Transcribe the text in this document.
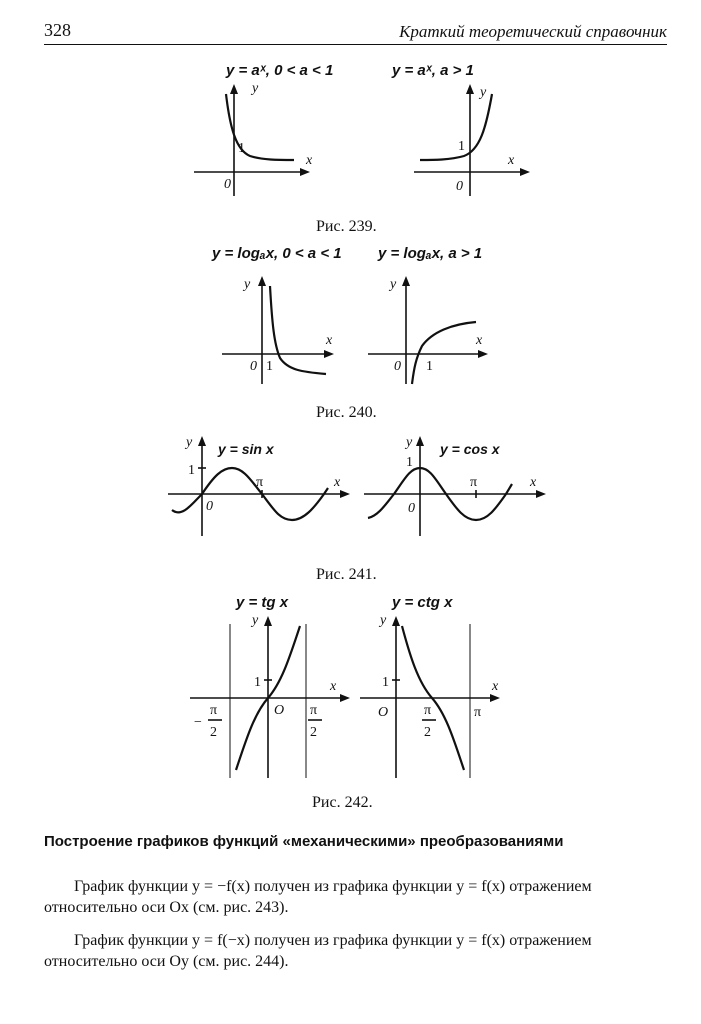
328	Краткий теоретический справочник
y = aˣ, 0 < a < 1	y = aˣ, a > 1
y
x
1
0
y
x
1
0
Рис. 239.
y = logₐx, 0 < a < 1 y = logₐx, a > 1
y
x
0 1
y
x
0 1
Рис. 240.
y y = sin x
1
π	x
0
y y = cos x
1
π	x
0
Рис. 241.
y = tg x	y = ctg x
y
x
1
O
−
π
2
π
2
y
x
1
O	π
2
π
Рис. 242.
Построение графиков функций «механическими» преобразованиями
График функции y = −f(x) получен из графика функции y = f(x) отражением относительно оси Ox (см. рис. 243).
График функции y = f(−x) получен из графика функции y = f(x) отражением относительно оси Oy (см. рис. 244).
